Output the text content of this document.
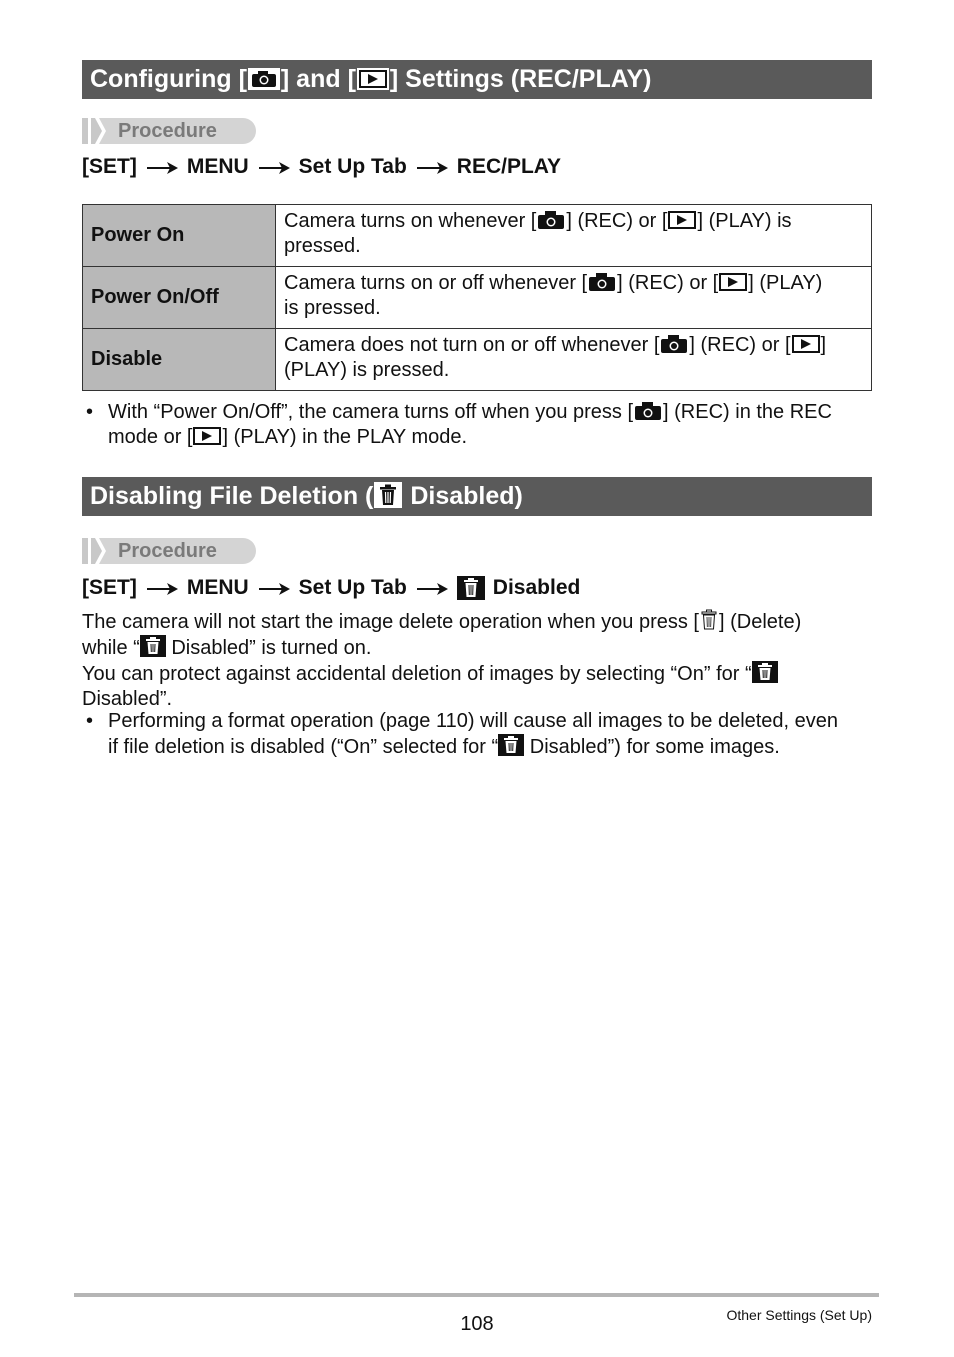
Configuring [ ] and [ ] Settings (REC/PLAY)
Procedure
[SET] MENU Set Up Tab REC/PLAY
Power On	Camera turns on whenever [ ] (REC) or [ ] (PLAY) is
pressed.
Power On/Off	Camera turns on or off whenever [ ] (REC) or [ ] (PLAY)
is pressed.
Disable	Camera does not turn on or off whenever [ ] (REC) or [ ]
(PLAY) is pressed.
• With “Power On/Off”, the camera turns off when you press [ ] (REC) in the REC
mode or [ ] (PLAY) in the PLAY mode.
Disabling File Deletion ( Disabled)
Procedure
[SET] MENU Set Up Tab	Disabled
The camera will not start the image delete operation when you press [ ] (Delete)
while “ Disabled” is turned on.
You can protect against accidental deletion of images by selecting “On” for “
Disabled”.
• Performing a format operation (page 110) will cause all images to be deleted, even
if file deletion is disabled (“On” selected for “ Disabled”) for some images.
108	Other Settings (Set Up)
